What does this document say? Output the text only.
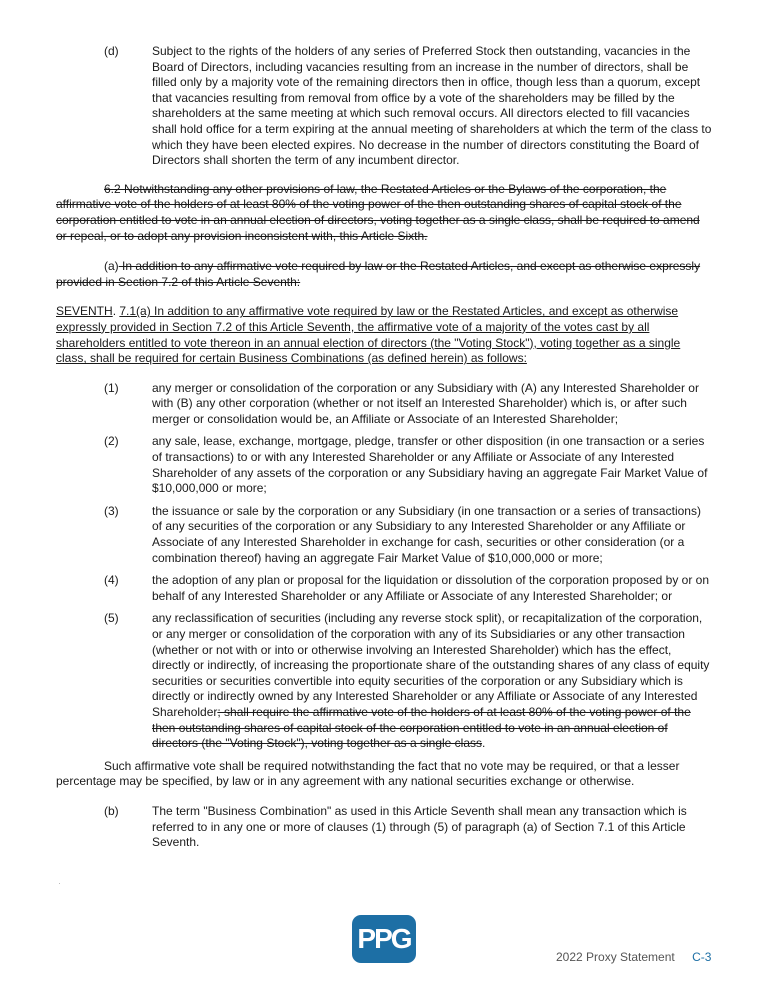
(d)	Subject to the rights of the holders of any series of Preferred Stock then outstanding, vacancies in the Board of Directors, including vacancies resulting from an increase in the number of directors, shall be filled only by a majority vote of the remaining directors then in office, though less than a quorum, except that vacancies resulting from removal from office by a vote of the shareholders may be filled by the shareholders at the same meeting at which such removal occurs. All directors elected to fill vacancies shall hold office for a term expiring at the annual meeting of shareholders at which the term of the class to which they have been elected expires. No decrease in the number of directors constituting the Board of Directors shall shorten the term of any incumbent director.

6.2 Notwithstanding any other provisions of law, the Restated Articles or the Bylaws of the corporation, the affirmative vote of the holders of at least 80% of the voting power of the then outstanding shares of capital stock of the corporation entitled to vote in an annual election of directors, voting together as a single class, shall be required to amend or repeal, or to adopt any provision inconsistent with, this Article Sixth.

(a) In addition to any affirmative vote required by law or the Restated Articles, and except as otherwise expressly provided in Section 7.2 of this Article Seventh:

SEVENTH. 7.1(a) In addition to any affirmative vote required by law or the Restated Articles, and except as otherwise expressly provided in Section 7.2 of this Article Seventh, the affirmative vote of a majority of the votes cast by all shareholders entitled to vote thereon in an annual election of directors (the "Voting Stock"), voting together as a single class, shall be required for certain Business Combinations (as defined herein) as follows:

(1)	any merger or consolidation of the corporation or any Subsidiary with (A) any Interested Shareholder or with (B) any other corporation (whether or not itself an Interested Shareholder) which is, or after such merger or consolidation would be, an Affiliate or Associate of an Interested Shareholder;
(2)	any sale, lease, exchange, mortgage, pledge, transfer or other disposition (in one transaction or a series of transactions) to or with any Interested Shareholder or any Affiliate or Associate of any Interested Shareholder of any assets of the corporation or any Subsidiary having an aggregate Fair Market Value of $10,000,000 or more;
(3)	the issuance or sale by the corporation or any Subsidiary (in one transaction or a series of transactions) of any securities of the corporation or any Subsidiary to any Interested Shareholder or any Affiliate or Associate of any Interested Shareholder in exchange for cash, securities or other consideration (or a combination thereof) having an aggregate Fair Market Value of $10,000,000 or more;
(4)	the adoption of any plan or proposal for the liquidation or dissolution of the corporation proposed by or on behalf of any Interested Shareholder or any Affiliate or Associate of any Interested Shareholder; or
(5)	any reclassification of securities (including any reverse stock split), or recapitalization of the corporation, or any merger or consolidation of the corporation with any of its Subsidiaries or any other transaction (whether or not with or into or otherwise involving an Interested Shareholder) which has the effect, directly or indirectly, of increasing the proportionate share of the outstanding shares of any class of equity securities or securities convertible into equity securities of the corporation or any Subsidiary which is directly or indirectly owned by any Interested Shareholder or any Affiliate or Associate of any Interested Shareholder; shall require the affirmative vote of the holders of at least 80% of the voting power of the then outstanding shares of capital stock of the corporation entitled to vote in an annual election of directors (the "Voting Stock"), voting together as a single class.

Such affirmative vote shall be required notwithstanding the fact that no vote may be required, or that a lesser percentage may be specified, by law or in any agreement with any national securities exchange or otherwise.

(b)	The term "Business Combination" as used in this Article Seventh shall mean any transaction which is referred to in any one or more of clauses (1) through (5) of paragraph (a) of Section 7.1 of this Article Seventh.
PPG
2022 Proxy Statement C-3
